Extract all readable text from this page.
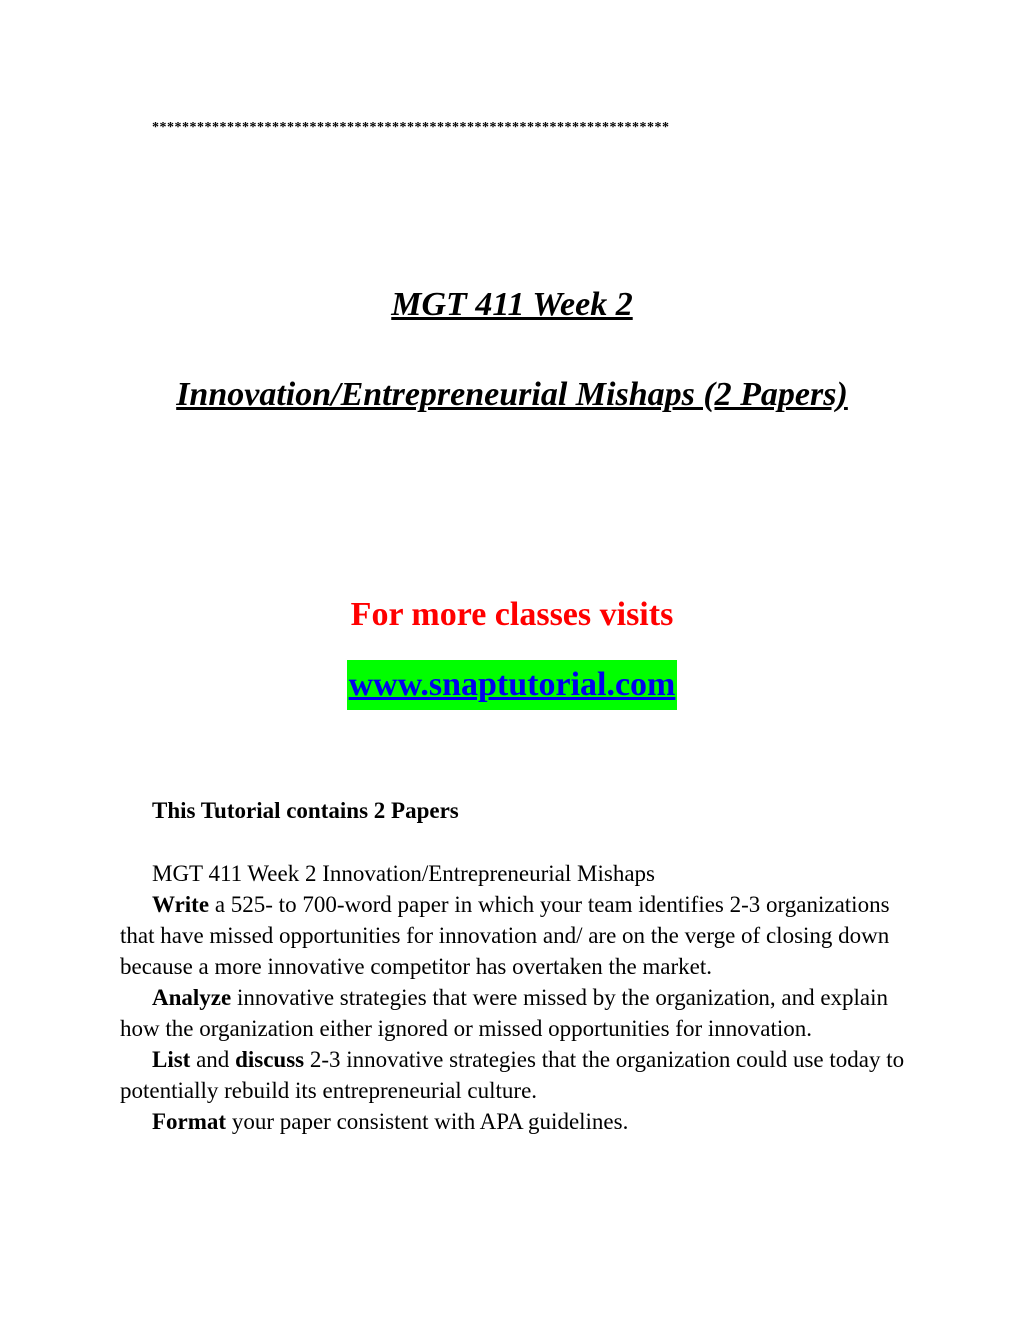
*********************************************************************
MGT 411 Week 2
Innovation/Entrepreneurial Mishaps (2 Papers)
For more classes visits
www.snaptutorial.com
This Tutorial contains 2 Papers

MGT 411 Week 2 Innovation/Entrepreneurial Mishaps

Write a 525- to 700-word paper in which your team identifies 2-3 organizations that have missed opportunities for innovation and/ are on the verge of closing down because a more innovative competitor has overtaken the market.

Analyze innovative strategies that were missed by the organization, and explain how the organization either ignored or missed opportunities for innovation.

List and discuss 2-3 innovative strategies that the organization could use today to potentially rebuild its entrepreneurial culture.

Format your paper consistent with APA guidelines.
